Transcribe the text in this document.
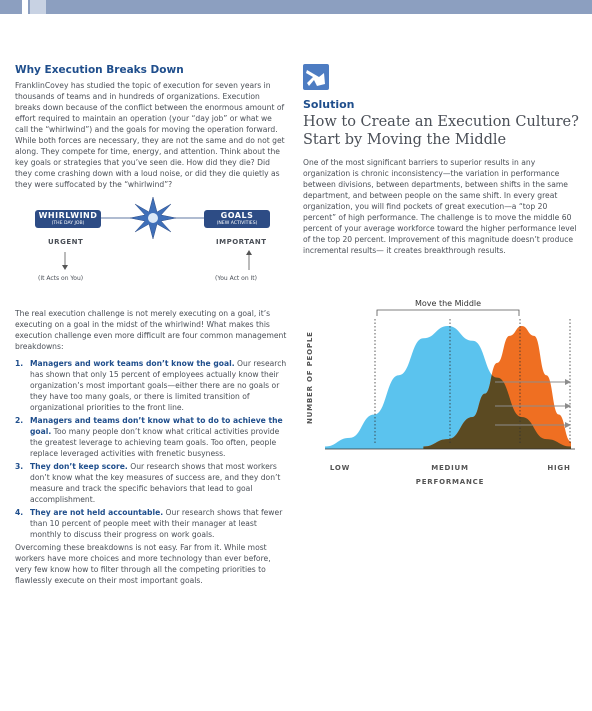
Why Execution Breaks Down

FranklinCovey has studied the topic of execution for seven years in thousands of teams and in hundreds of organizations. Execution breaks down because of the conflict between the enormous amount of effort required to maintain an operation (your “day job” or what we call the “whirlwind”) and the goals for moving the operation forward. While both forces are necessary, they are not the same and do not get along. They compete for time, energy, and attention. Think about the key goals or strategies that you’ve seen die. How did they die? Did they come crashing down with a loud noise, or did they die quietly as they were suffocated by the “whirlwind”?

WHIRLWIND
(THE DAY JOB)
GOALS
(NEW ACTIVITIES)
URGENT	IMPORTANT
(It Acts on You)	(You Act on It)

The real execution challenge is not merely executing on a goal, it’s executing on a goal in the midst of the whirlwind! What makes this execution challenge even more difficult are four common management breakdowns:

1. Managers and work teams don’t know the goal. Our research has shown that only 15 percent of employees actually know their organization’s most important goals—either there are no goals or they have too many goals, or there is limited transition of organizational priorities to the front line.
2. Managers and teams don’t know what to do to achieve the goal. Too many people don’t know what critical activities provide the greatest leverage to achieving team goals. Too often, people replace leveraged activities with frenetic busyness.
3. They don’t keep score. Our research shows that most workers don’t know what the key measures of success are, and they don’t measure and track the specific behaviors that lead to goal accomplishment.
4. They are not held accountable. Our research shows that fewer than 10 percent of people meet with their manager at least monthly to discuss their progress on work goals.

Overcoming these breakdowns is not easy. Far from it. While most workers have more choices and more technology than ever before, very few know how to filter through all the competing priorities to flawlessly execute on their most important goals.

Solution
How to Create an Execution Culture?
Start by Moving the Middle

One of the most significant barriers to superior results in any organization is chronic inconsistency—the variation in performance between divisions, between departments, between shifts in the same department, and between people on the same shift. In every great organization, you will find pockets of great execution—a “top 20 percent” of high performance. The challenge is to move the middle 60 percent of your average workforce toward the higher performance level of the top 20 percent. Improvement of this magnitude doesn’t produce incremental results— it creates breakthrough results.

Move the Middle
NUMBER OF PEOPLE
LOW	MEDIUM	HIGH
PERFORMANCE
